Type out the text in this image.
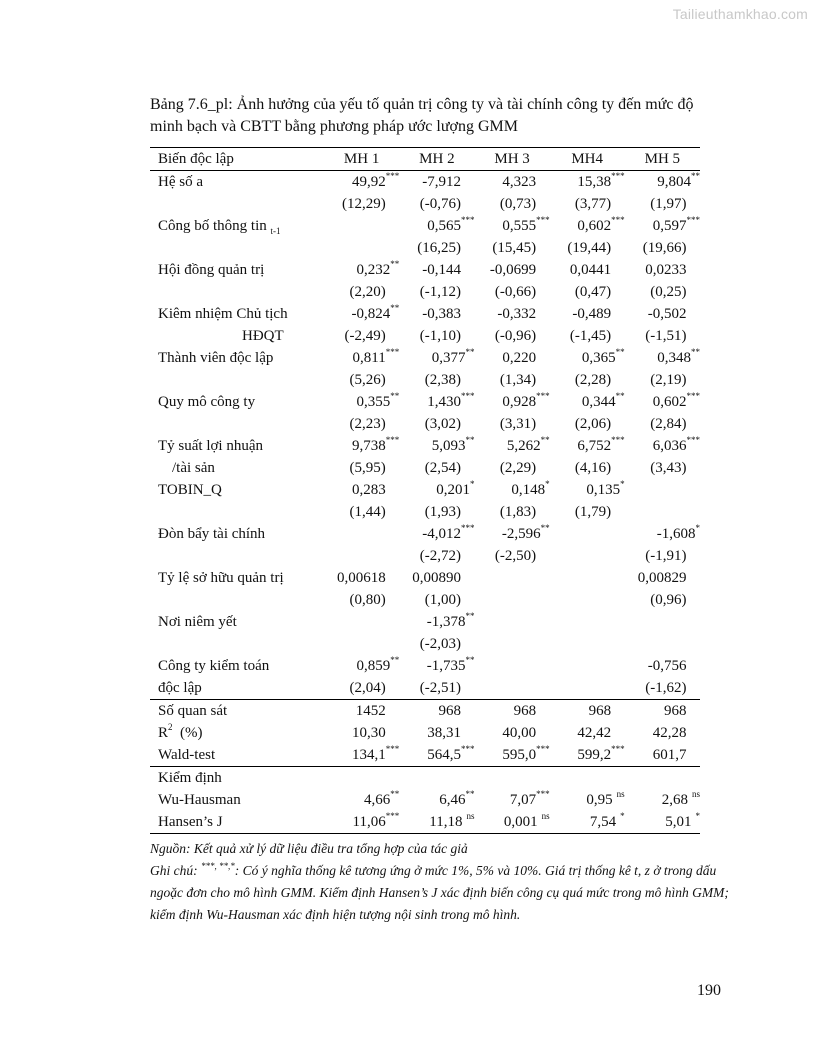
Tailieuthamkhao.com
Bảng 7.6_pl: Ảnh hưởng của yếu tố quản trị công ty và tài chính công ty đến mức độ minh bạch và CBTT bằng phương pháp ước lượng GMM
Biến độc lập	MH 1	MH 2	MH 3	MH4	MH 5
Hệ số a	49,92***	-7,912	4,323	15,38***	9,804**
	(12,29)	(-0,76)	(0,73)	(3,77)	(1,97)
Công bố thông tin $_{t-1}$		0,565***	0,555***	0,602***	0,597***
		(16,25)	(15,45)	(19,44)	(19,66)
Hội đồng quản trị	0,232**	-0,144	-0,0699	0,0441	0,0233
	(2,20)	(-1,12)	(-0,66)	(0,47)	(0,25)
Kiêm nhiệm Chủ tịch	-0,824**	-0,383	-0,332	-0,489	-0,502
HĐQT	(-2,49)	(-1,10)	(-0,96)	(-1,45)	(-1,51)
Thành viên độc lập	0,811***	0,377**	0,220	0,365**	0,348**
	(5,26)	(2,38)	(1,34)	(2,28)	(2,19)
Quy mô công ty	0,355**	1,430***	0,928***	0,344**	0,602***
	(2,23)	(3,02)	(3,31)	(2,06)	(2,84)
Tỷ suất lợi nhuận	9,738***	5,093**	5,262**	6,752***	6,036***
/tài sản	(5,95)	(2,54)	(2,29)	(4,16)	(3,43)
TOBIN_Q	0,283	0,201*	0,148*	0,135*	
	(1,44)	(1,93)	(1,83)	(1,79)	
Đòn bẩy tài chính		-4,012***	-2,596**		-1,608*
		(-2,72)	(-2,50)		(-1,91)
Tỷ lệ sở hữu quản trị	0,00618	0,00890			0,00829
	(0,80)	(1,00)			(0,96)
Nơi niêm yết		-1,378**			
		(-2,03)			
Công ty kiểm toán	0,859**	-1,735**			-0,756
độc lập	(2,04)	(-2,51)			(-1,62)
Số quan sát	1452	968	968	968	968
$R^2$ (%)	10,30	38,31	40,00	42,42	42,28
Wald-test	134,1***	564,5***	595,0***	599,2***	601,7
Kiểm định					
Wu-Hausman	4,66**	6,46**	7,07***	0,95 $^{ns}$	2,68 $^{ns}$
Hansen’s J	11,06***	11,18 $^{ns}$	0,001 $^{ns}$	7,54 *	5,01 *

Nguồn: Kết quả xử lý dữ liệu điều tra tổng hợp của tác giả

Ghi chú: ***, **,*: Có ý nghĩa thống kê tương ứng ở mức 1%, 5% và 10%. Giá trị thống kê t, z ở trong dấu ngoặc đơn cho mô hình GMM. Kiểm định Hansen’s J xác định biến công cụ quá mức trong mô hình GMM; kiểm định Wu-Hausman xác định hiện tượng nội sinh trong mô hình.

190
